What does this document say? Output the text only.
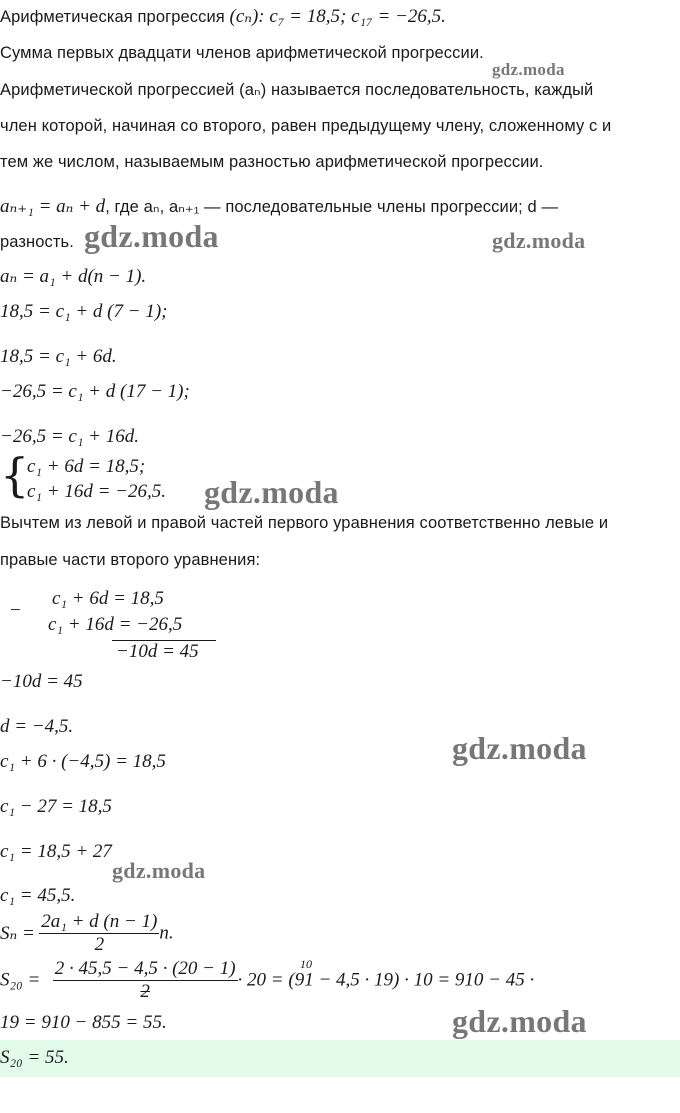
gdz.moda
gdz.moda	gdz.moda
gdz.moda
gdz.moda
gdz.moda
gdz.moda
Арифметическая прогрессия (cₙ): c₇ = 18,5; c₁₇ = −26,5.
Сумма первых двадцати членов арифметической прогрессии.
Арифметической прогрессией (aₙ) называется последовательность, каждый
член которой, начиная со второго, равен предыдущему члену, сложенному с и
тем же числом, называемым разностью арифметической прогрессии.
aₙ₊₁ = aₙ + d, где aₙ, aₙ₊₁ — последовательные члены прогрессии; d —
разность.
aₙ = a₁ + d(n − 1).
18,5 = c₁ + d (7 − 1);
18,5 = c₁ + 6d.
−26,5 = c₁ + d (17 − 1);
−26,5 = c₁ + 16d.
{
c₁ + 6d = 18,5;
c₁ + 16d = −26,5.
Вычтем из левой и правой частей первого уравнения соответственно левые и
правые части второго уравнения:
−
c₁ + 6d = 18,5
c₁ + 16d = −26,5
−10d = 45
−10d = 45
d = −4,5.
c₁ + 6 · (−4,5) = 18,5
c₁ − 27 = 18,5
c₁ = 18,5 + 27
c₁ = 45,5.
$S_n = \frac{\text{2a₁ + d (n − 1)}}{2} n$.
$S_{20} = \frac{2 \cdot 45,5 - 4,5 \cdot (20 - 1)}{2} \cdot 20 = (91 - 4,5 \cdot 19) \cdot 10 = 910 - 45$ ·
10
19 = 910 − 855 = 55.
S₂₀ = 55.
